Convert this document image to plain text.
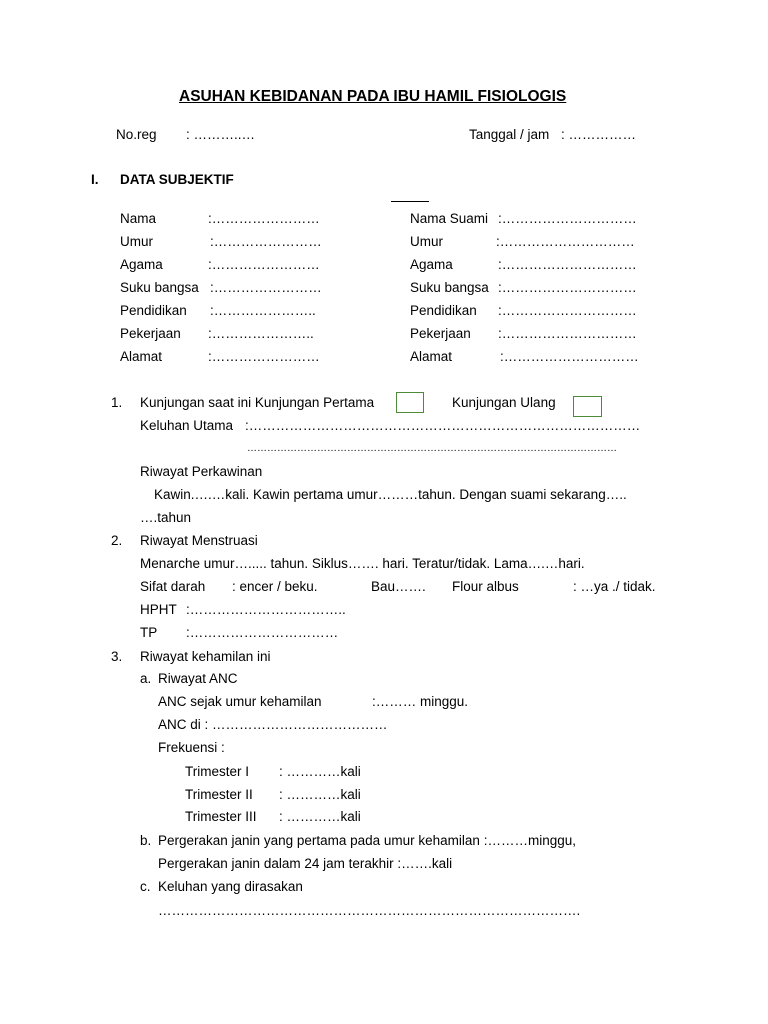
ASUHAN KEBIDANAN PADA IBU HAMIL FISIOLOGIS
No.reg : ………..…	Tanggal / jam : ……………
I. DATA SUBJEKTIF
Nama	:……………………
Umur	:……………………
Agama	:……………………
Suku bangsa :……………………
Pendidikan :…………………..
Pekerjaan :…………………..
Alamat	:……………………
Nama Suami :…………………………
Umur	:…………………………
Agama	:…………………………
Suku bangsa :…………………………
Pendidikan :…………………………
Pekerjaan :…………………………
Alamat	:…………………………
1. Kunjungan saat ini Kunjungan Pertama	Kunjungan Ulang
Keluhan Utama :……………………………………………………………………………
…………………………………………………………………………………………………
Riwayat Perkawinan
Kawin.….…kali. Kawin pertama umur………tahun. Dengan suami sekarang…..
….tahun
2. Riwayat Menstruasi
Menarche umur…..... tahun. Siklus……. hari. Teratur/tidak. Lama….…hari.
Sifat darah : encer / beku.	Bau……. Flour albus	: …ya ./ tidak.
HPHT :……………………………..
TP :……………………………
3. Riwayat kehamilan ini
a. Riwayat ANC
ANC sejak umur kehamilan	:……… minggu.
ANC di : …………………………………
Frekuensi :
Trimester I : …………kali
Trimester II : …………kali
Trimester III : …………kali
b. Pergerakan janin yang pertama pada umur kehamilan :………minggu,
Pergerakan janin dalam 24 jam terakhir :…….kali
c. Keluhan yang dirasakan
………………………………………………………………………………….
